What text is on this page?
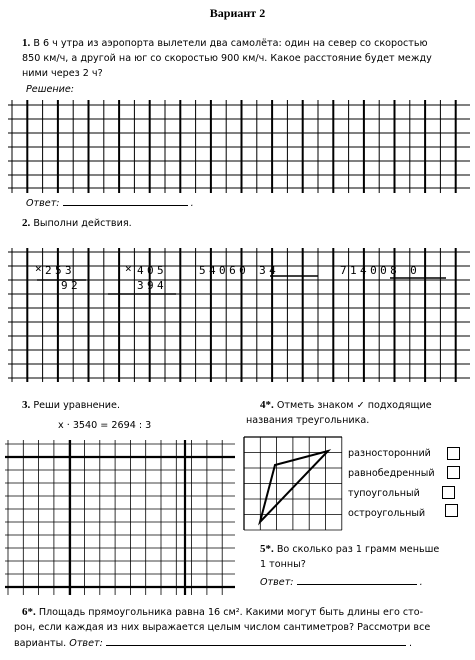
Вариант 2
1. В 6 ч утра из аэропорта вылетели два самолёта: один на север со скоростью
850 км/ч, а другой на юг со скоростью 900 км/ч. Какое расстояние будет между
ними через 2 ч?
Решение:
Ответ:	.
2. Выполни действия.
× 253
92
× 405
394
54060 34	714008 0
3. Реши уравнение.
x · 3540 = 2694 : 3
4*. Отметь знаком ✓ подходящие
названия треугольника.
разносторонний
равнобедренный
тупоугольный
остроугольный
5*. Во сколько раз 1 грамм меньше
1 тонны?
Ответ:	.
6*. Площадь прямоугольника равна 16 см². Какими могут быть длины его сто-
рон, если каждая из них выражается целым числом сантиметров? Рассмотри все
варианты. Ответ:	.
